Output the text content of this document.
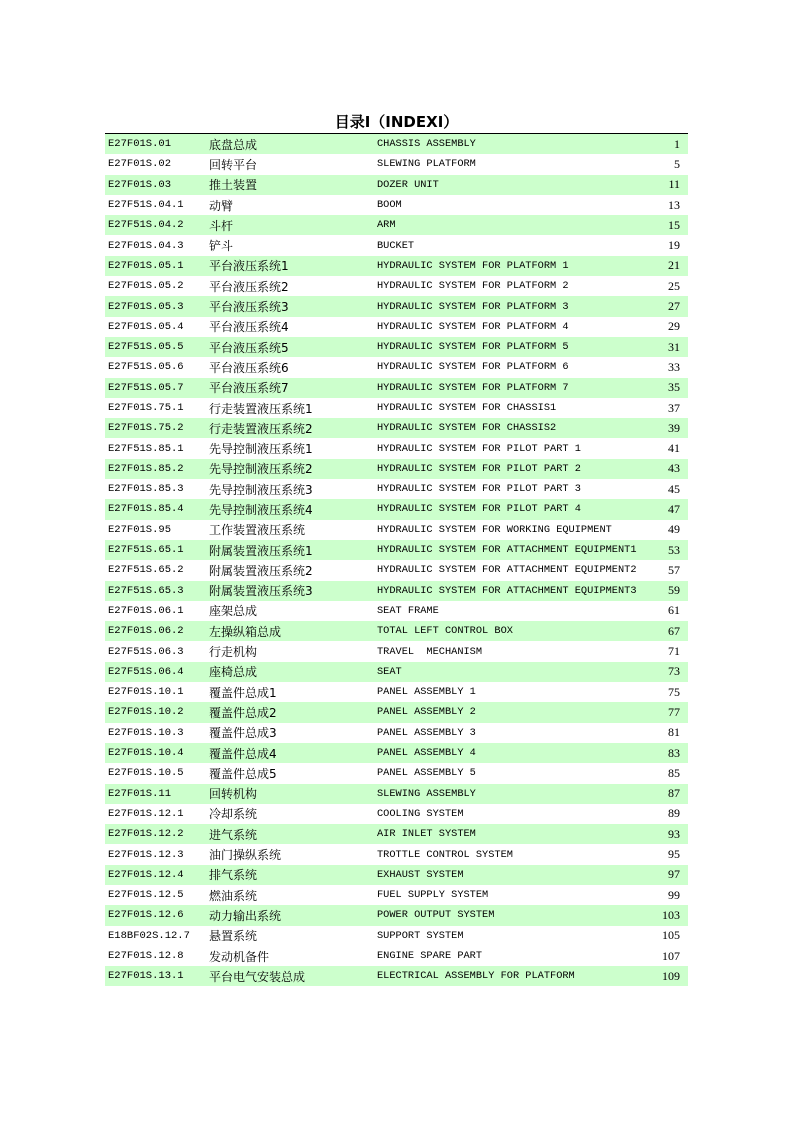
目录Ⅰ（INDEXⅠ）
E27F01S.01	底盘总成	CHASSIS ASSEMBLY	1
E27F01S.02	回转平台	SLEWING PLATFORM	5
E27F01S.03	推土装置	DOZER UNIT	11
E27F51S.04.1	动臂	BOOM	13
E27F51S.04.2	斗杆	ARM	15
E27F01S.04.3	铲斗	BUCKET	19
E27F01S.05.1	平台液压系统1	HYDRAULIC SYSTEM FOR PLATFORM 1	21
E27F01S.05.2	平台液压系统2	HYDRAULIC SYSTEM FOR PLATFORM 2	25
E27F01S.05.3	平台液压系统3	HYDRAULIC SYSTEM FOR PLATFORM 3	27
E27F01S.05.4	平台液压系统4	HYDRAULIC SYSTEM FOR PLATFORM 4	29
E27F51S.05.5	平台液压系统5	HYDRAULIC SYSTEM FOR PLATFORM 5	31
E27F51S.05.6	平台液压系统6	HYDRAULIC SYSTEM FOR PLATFORM 6	33
E27F51S.05.7	平台液压系统7	HYDRAULIC SYSTEM FOR PLATFORM 7	35
E27F01S.75.1	行走装置液压系统1	HYDRAULIC SYSTEM FOR CHASSIS1	37
E27F01S.75.2	行走装置液压系统2	HYDRAULIC SYSTEM FOR CHASSIS2	39
E27F51S.85.1	先导控制液压系统1	HYDRAULIC SYSTEM FOR PILOT PART 1	41
E27F01S.85.2	先导控制液压系统2	HYDRAULIC SYSTEM FOR PILOT PART 2	43
E27F01S.85.3	先导控制液压系统3	HYDRAULIC SYSTEM FOR PILOT PART 3	45
E27F01S.85.4	先导控制液压系统4	HYDRAULIC SYSTEM FOR PILOT PART 4	47
E27F01S.95	工作装置液压系统	HYDRAULIC SYSTEM FOR WORKING EQUIPMENT	49
E27F51S.65.1	附属装置液压系统1	HYDRAULIC SYSTEM FOR ATTACHMENT EQUIPMENT1	53
E27F51S.65.2	附属装置液压系统2	HYDRAULIC SYSTEM FOR ATTACHMENT EQUIPMENT2	57
E27F51S.65.3	附属装置液压系统3	HYDRAULIC SYSTEM FOR ATTACHMENT EQUIPMENT3	59
E27F01S.06.1	座架总成	SEAT FRAME	61
E27F01S.06.2	左操纵箱总成	TOTAL LEFT CONTROL BOX	67
E27F51S.06.3	行走机构	TRAVEL  MECHANISM	71
E27F51S.06.4	座椅总成	SEAT	73
E27F01S.10.1	覆盖件总成1	PANEL ASSEMBLY 1	75
E27F01S.10.2	覆盖件总成2	PANEL ASSEMBLY 2	77
E27F01S.10.3	覆盖件总成3	PANEL ASSEMBLY 3	81
E27F01S.10.4	覆盖件总成4	PANEL ASSEMBLY 4	83
E27F01S.10.5	覆盖件总成5	PANEL ASSEMBLY 5	85
E27F01S.11	回转机构	SLEWING ASSEMBLY	87
E27F01S.12.1	冷却系统	COOLING SYSTEM	89
E27F01S.12.2	进气系统	AIR INLET SYSTEM	93
E27F01S.12.3	油门操纵系统	TROTTLE CONTROL SYSTEM	95
E27F01S.12.4	排气系统	EXHAUST SYSTEM	97
E27F01S.12.5	燃油系统	FUEL SUPPLY SYSTEM	99
E27F01S.12.6	动力输出系统	POWER OUTPUT SYSTEM	103
E18BF02S.12.7	悬置系统	SUPPORT SYSTEM	105
E27F01S.12.8	发动机备件	ENGINE SPARE PART	107
E27F01S.13.1	平台电气安装总成	ELECTRICAL ASSEMBLY FOR PLATFORM	109
